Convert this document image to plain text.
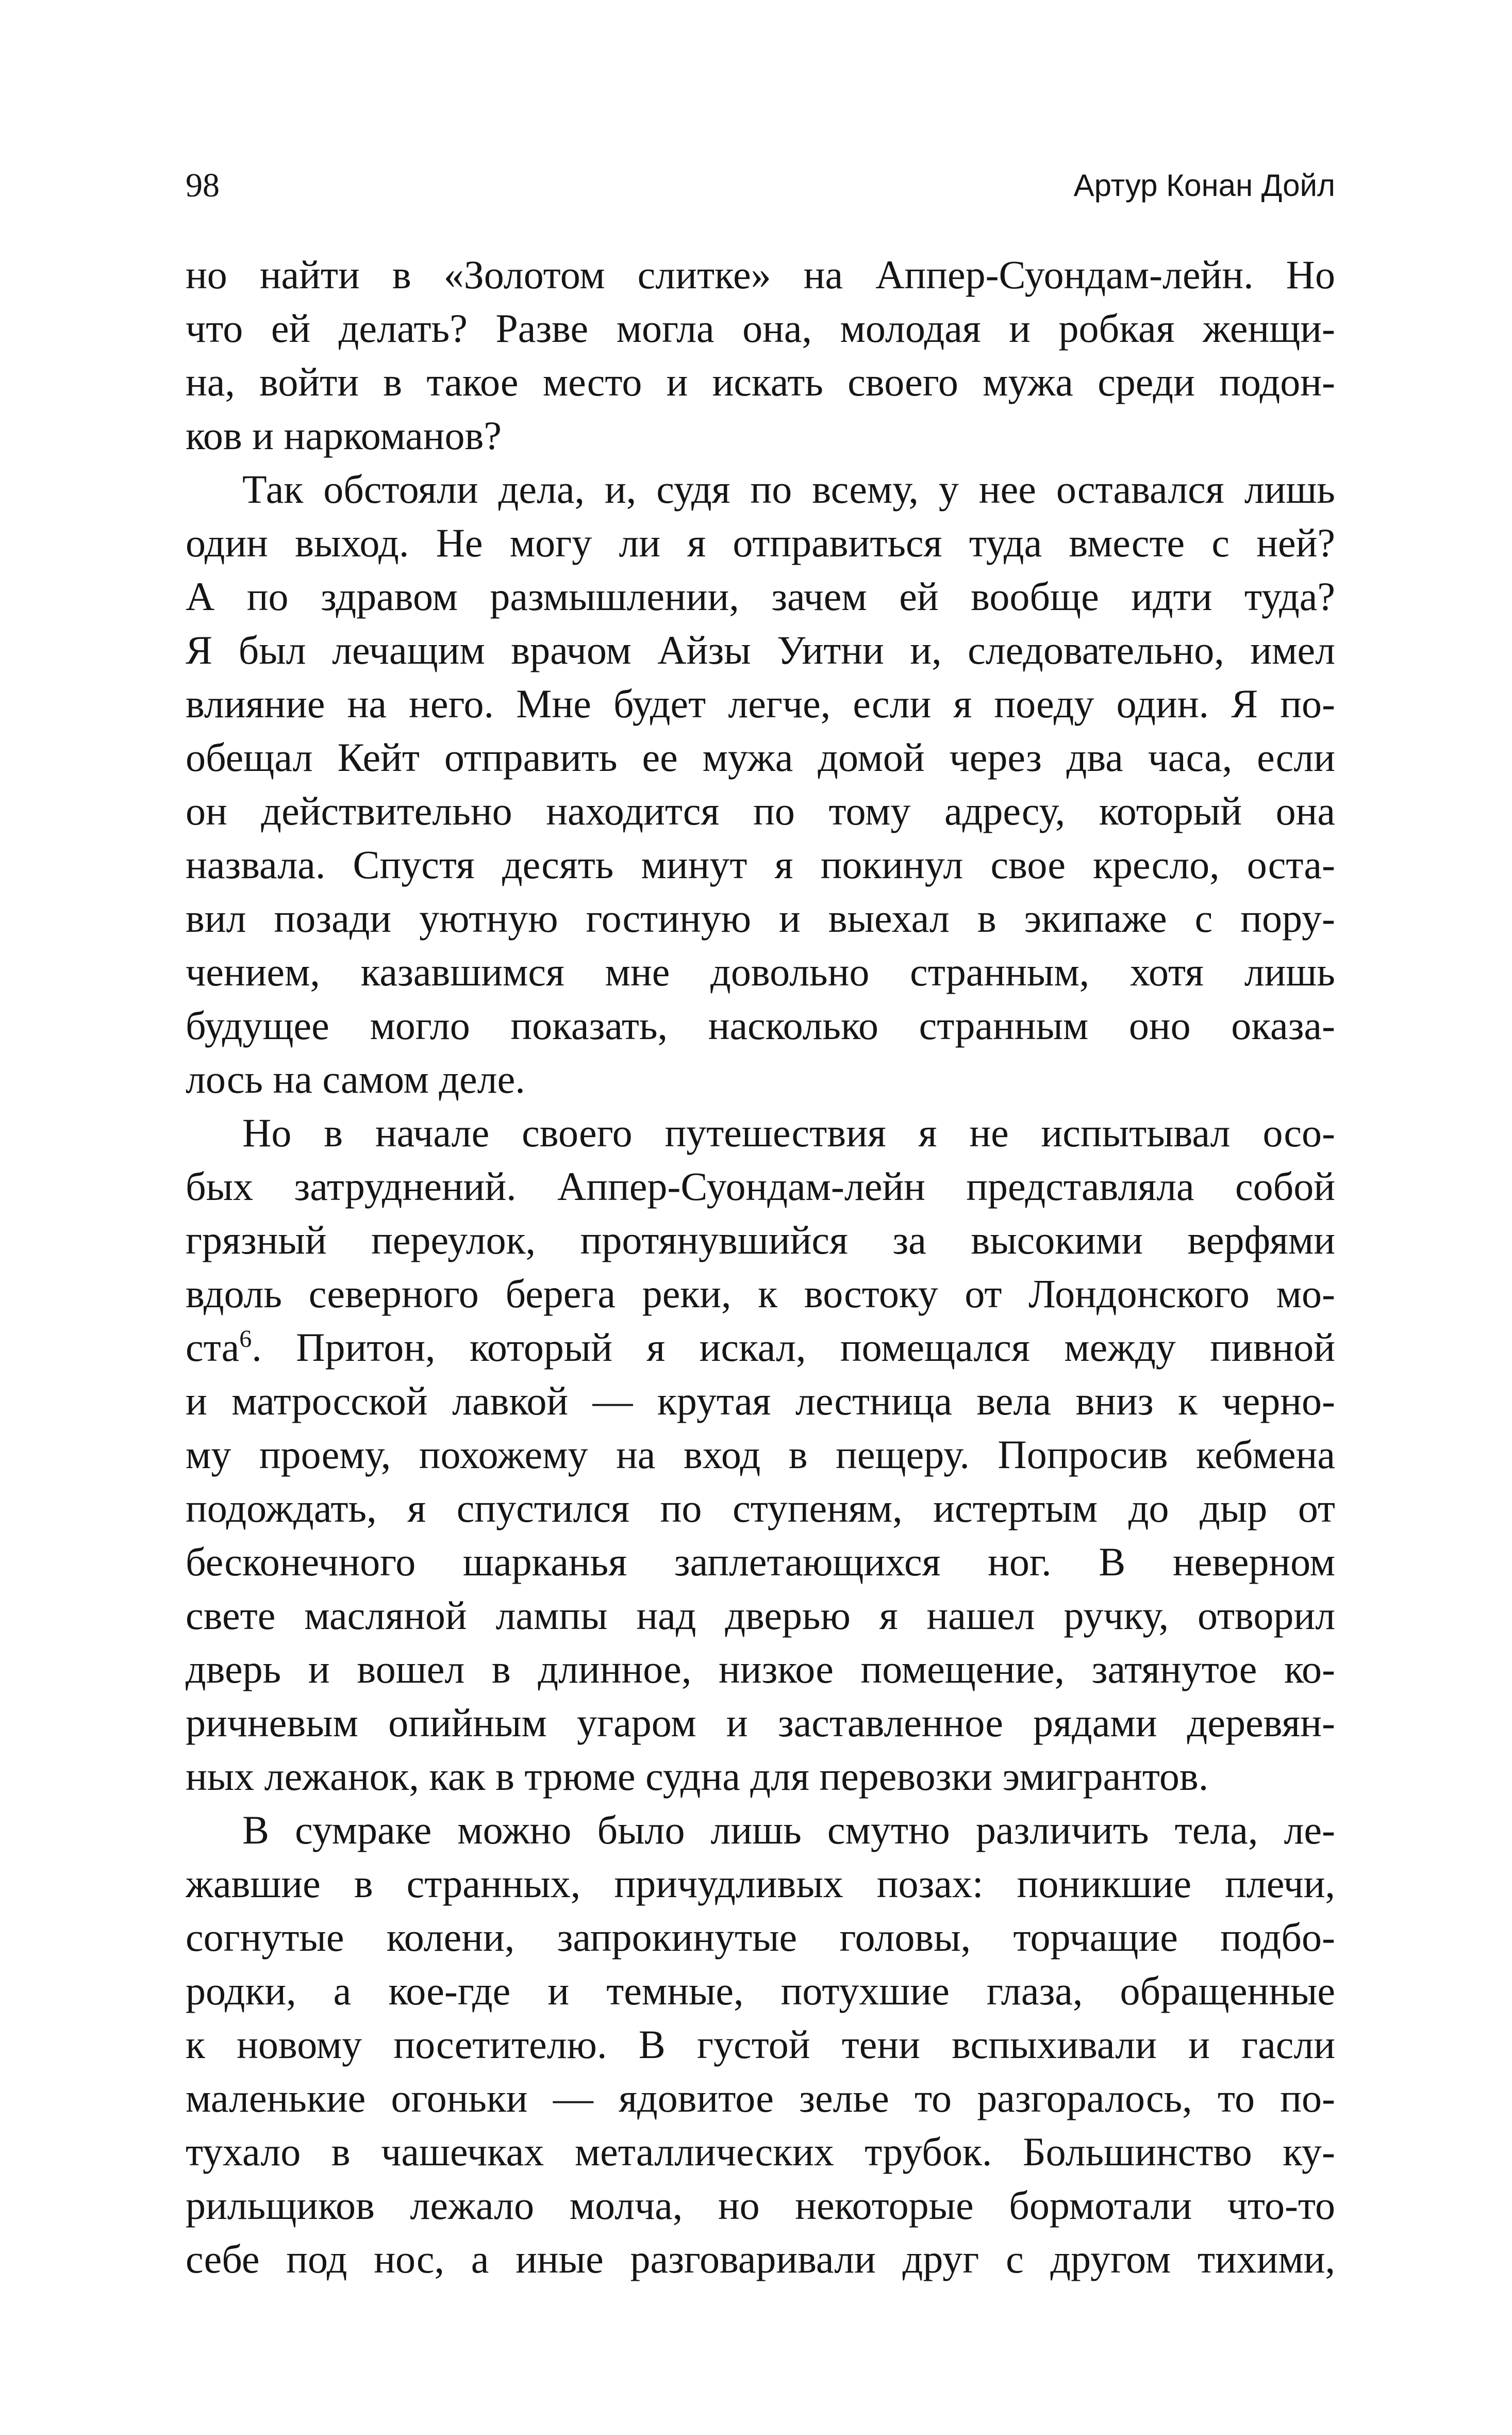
98	Артур Конан Дойл
но найти в «Золотом слитке» на Аппер-Суондам-лейн. Но
что ей делать? Разве могла она, молодая и робкая женщи-
на, войти в такое место и искать своего мужа среди подон-
ков и наркоманов?
Так обстояли дела, и, судя по всему, у нее оставался лишь
один выход. Не могу ли я отправиться туда вместе с ней?
А по здравом размышлении, зачем ей вообще идти туда?
Я был лечащим врачом Айзы Уитни и, следовательно, имел
влияние на него. Мне будет легче, если я поеду один. Я по-
обещал Кейт отправить ее мужа домой через два часа, если
он действительно находится по тому адресу, который она
назвала. Спустя десять минут я покинул свое кресло, оста-
вил позади уютную гостиную и выехал в экипаже с пору-
чением, казавшимся мне довольно странным, хотя лишь
будущее могло показать, насколько странным оно оказа-
лось на самом деле.
Но в начале своего путешествия я не испытывал осо-
бых затруднений. Аппер-Суондам-лейн представляла собой
грязный переулок, протянувшийся за высокими верфями
вдоль северного берега реки, к востоку от Лондонского мо-
ста$^6$. Притон, который я искал, помещался между пивной
и матросской лавкой — крутая лестница вела вниз к черно-
му проему, похожему на вход в пещеру. Попросив кебмена
подождать, я спустился по ступеням, истертым до дыр от
бесконечного шарканья заплетающихся ног. В неверном
свете масляной лампы над дверью я нашел ручку, отворил
дверь и вошел в длинное, низкое помещение, затянутое ко-
ричневым опийным угаром и заставленное рядами деревян-
ных лежанок, как в трюме судна для перевозки эмигрантов.
В сумраке можно было лишь смутно различить тела, ле-
жавшие в странных, причудливых позах: поникшие плечи,
согнутые колени, запрокинутые головы, торчащие подбо-
родки, а кое-где и темные, потухшие глаза, обращенные
к новому посетителю. В густой тени вспыхивали и гасли
маленькие огоньки — ядовитое зелье то разгоралось, то по-
тухало в чашечках металлических трубок. Большинство ку-
рильщиков лежало молча, но некоторые бормотали что-то
себе под нос, а иные разговаривали друг с другом тихими,
